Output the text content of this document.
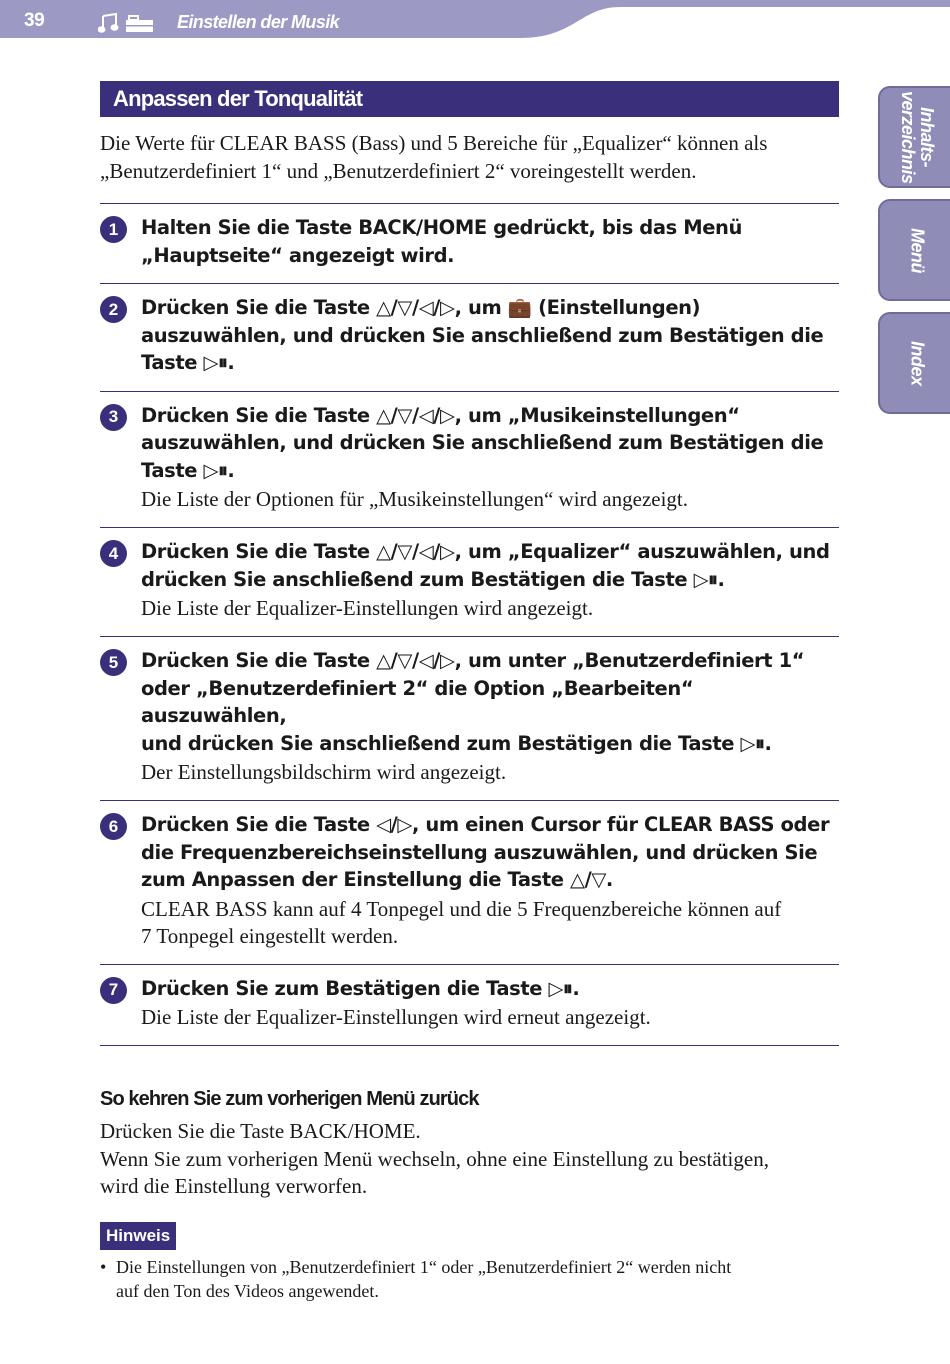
39	Einstellen der Musik
Inhalts-
verzeichnis
Menü
Index
Anpassen der Tonqualität
Die Werte für CLEAR BASS (Bass) und 5 Bereiche für „Equalizer“ können als „Benutzerdefiniert 1“ und „Benutzerdefiniert 2“ voreingestellt werden.
1	Halten Sie die Taste BACK/HOME gedrückt, bis das Menü
„Hauptseite“ angezeigt wird.
2	Drücken Sie die Taste △/▽/◁/▷, um 💼 (Einstellungen)
auszuwählen, und drücken Sie anschließend zum Bestätigen die
Taste ▷⏸.
3	Drücken Sie die Taste △/▽/◁/▷, um „Musikeinstellungen“
auszuwählen, und drücken Sie anschließend zum Bestätigen die
Taste ▷⏸.
Die Liste der Optionen für „Musikeinstellungen“ wird angezeigt.
4	Drücken Sie die Taste △/▽/◁/▷, um „Equalizer“ auszuwählen, und
drücken Sie anschließend zum Bestätigen die Taste ▷⏸.
Die Liste der Equalizer-Einstellungen wird angezeigt.
5	Drücken Sie die Taste △/▽/◁/▷, um unter „Benutzerdefiniert 1“
oder „Benutzerdefiniert 2“ die Option „Bearbeiten“ auszuwählen,
und drücken Sie anschließend zum Bestätigen die Taste ▷⏸.
Der Einstellungsbildschirm wird angezeigt.
6	Drücken Sie die Taste ◁/▷, um einen Cursor für CLEAR BASS oder
die Frequenzbereichseinstellung auszuwählen, und drücken Sie
zum Anpassen der Einstellung die Taste △/▽.
CLEAR BASS kann auf 4 Tonpegel und die 5 Frequenzbereiche können auf
7 Tonpegel eingestellt werden.
7	Drücken Sie zum Bestätigen die Taste ▷⏸.
Die Liste der Equalizer-Einstellungen wird erneut angezeigt.
So kehren Sie zum vorherigen Menü zurück
Drücken Sie die Taste BACK/HOME.
Wenn Sie zum vorherigen Menü wechseln, ohne eine Einstellung zu bestätigen,
wird die Einstellung verworfen.
Hinweis
• Die Einstellungen von „Benutzerdefiniert 1“ oder „Benutzerdefiniert 2“ werden nicht
auf den Ton des Videos angewendet.
